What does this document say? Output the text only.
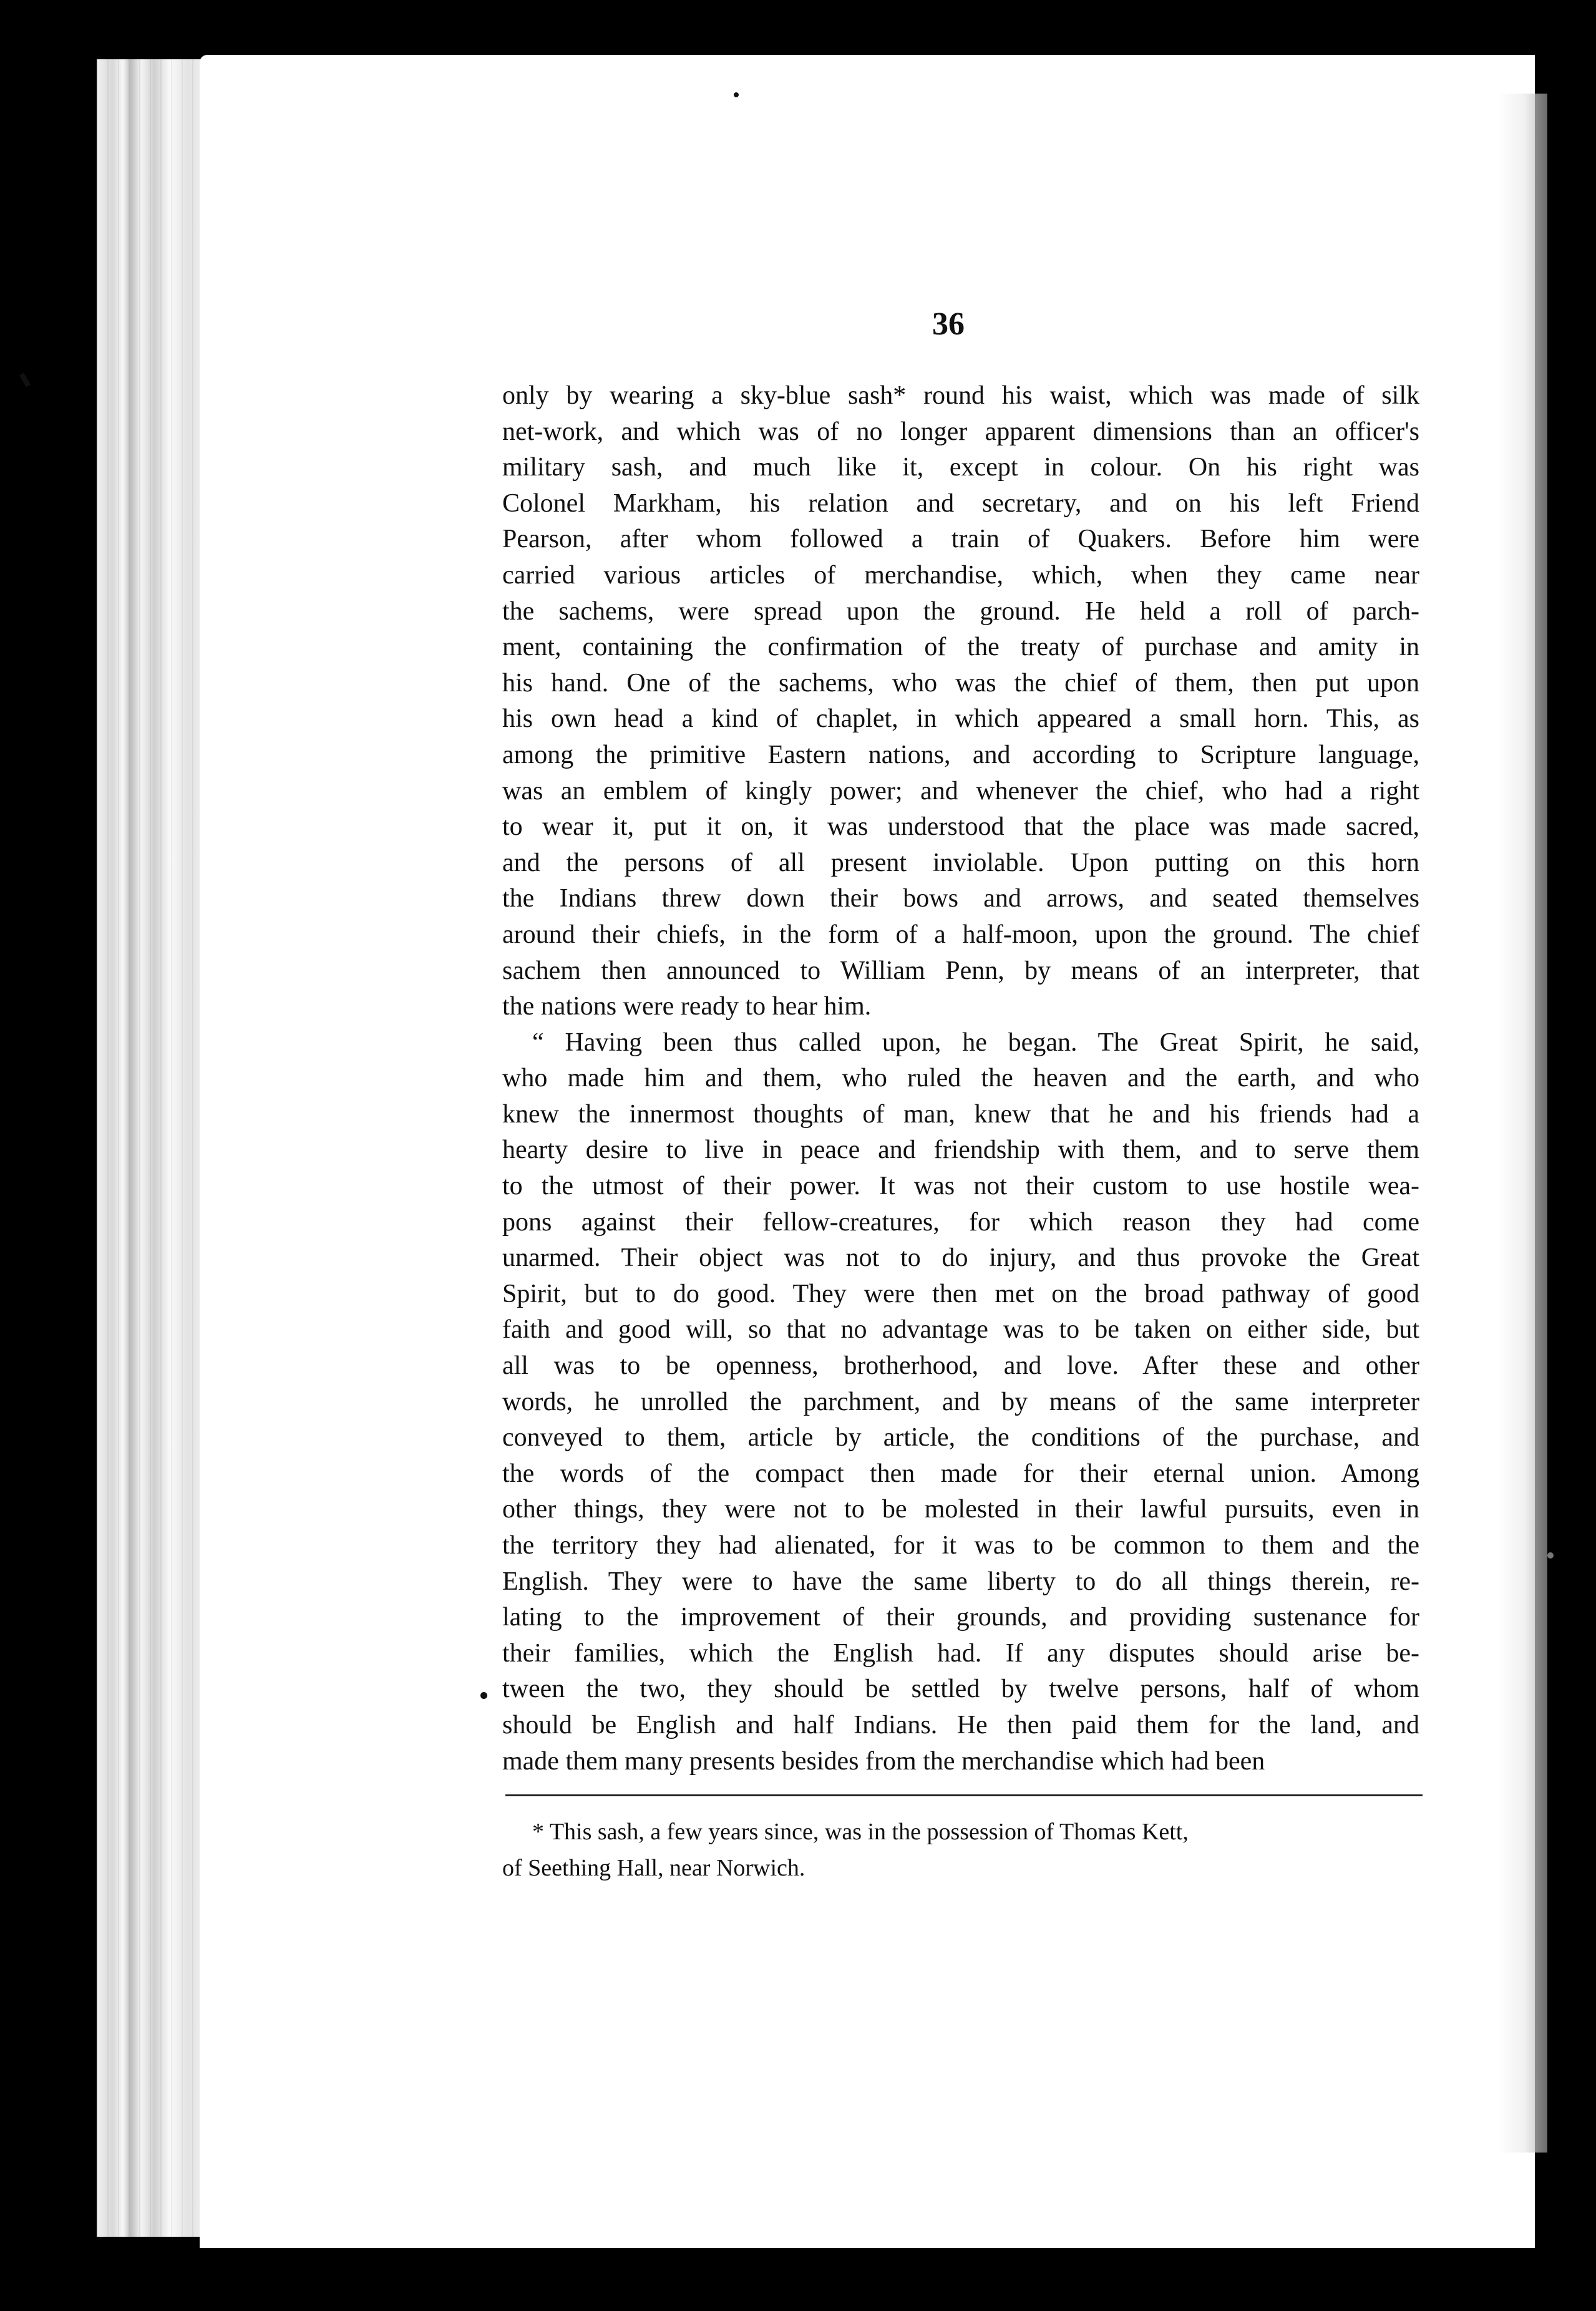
36
only by wearing a sky-blue sash* round his waist, which was made of silk
net-work, and which was of no longer apparent dimensions than an officer's
military sash, and much like it, except in colour. On his right was
Colonel Markham, his relation and secretary, and on his left Friend
Pearson, after whom followed a train of Quakers. Before him were
carried various articles of merchandise, which, when they came near
the sachems, were spread upon the ground. He held a roll of parch-
ment, containing the confirmation of the treaty of purchase and amity in
his hand. One of the sachems, who was the chief of them, then put upon
his own head a kind of chaplet, in which appeared a small horn. This, as
among the primitive Eastern nations, and according to Scripture language,
was an emblem of kingly power; and whenever the chief, who had a right
to wear it, put it on, it was understood that the place was made sacred,
and the persons of all present inviolable. Upon putting on this horn
the Indians threw down their bows and arrows, and seated themselves
around their chiefs, in the form of a half-moon, upon the ground. The chief
sachem then announced to William Penn, by means of an interpreter, that
the nations were ready to hear him.
“ Having been thus called upon, he began. The Great Spirit, he said,
who made him and them, who ruled the heaven and the earth, and who
knew the innermost thoughts of man, knew that he and his friends had a
hearty desire to live in peace and friendship with them, and to serve them
to the utmost of their power. It was not their custom to use hostile wea-
pons against their fellow-creatures, for which reason they had come
unarmed. Their object was not to do injury, and thus provoke the Great
Spirit, but to do good. They were then met on the broad pathway of good
faith and good will, so that no advantage was to be taken on either side, but
all was to be openness, brotherhood, and love. After these and other
words, he unrolled the parchment, and by means of the same interpreter
conveyed to them, article by article, the conditions of the purchase, and
the words of the compact then made for their eternal union. Among
other things, they were not to be molested in their lawful pursuits, even in
the territory they had alienated, for it was to be common to them and the
English. They were to have the same liberty to do all things therein, re-
lating to the improvement of their grounds, and providing sustenance for
their families, which the English had. If any disputes should arise be-
tween the two, they should be settled by twelve persons, half of whom
should be English and half Indians. He then paid them for the land, and
made them many presents besides from the merchandise which had been
* This sash, a few years since, was in the possession of Thomas Kett,
of Seething Hall, near Norwich.
